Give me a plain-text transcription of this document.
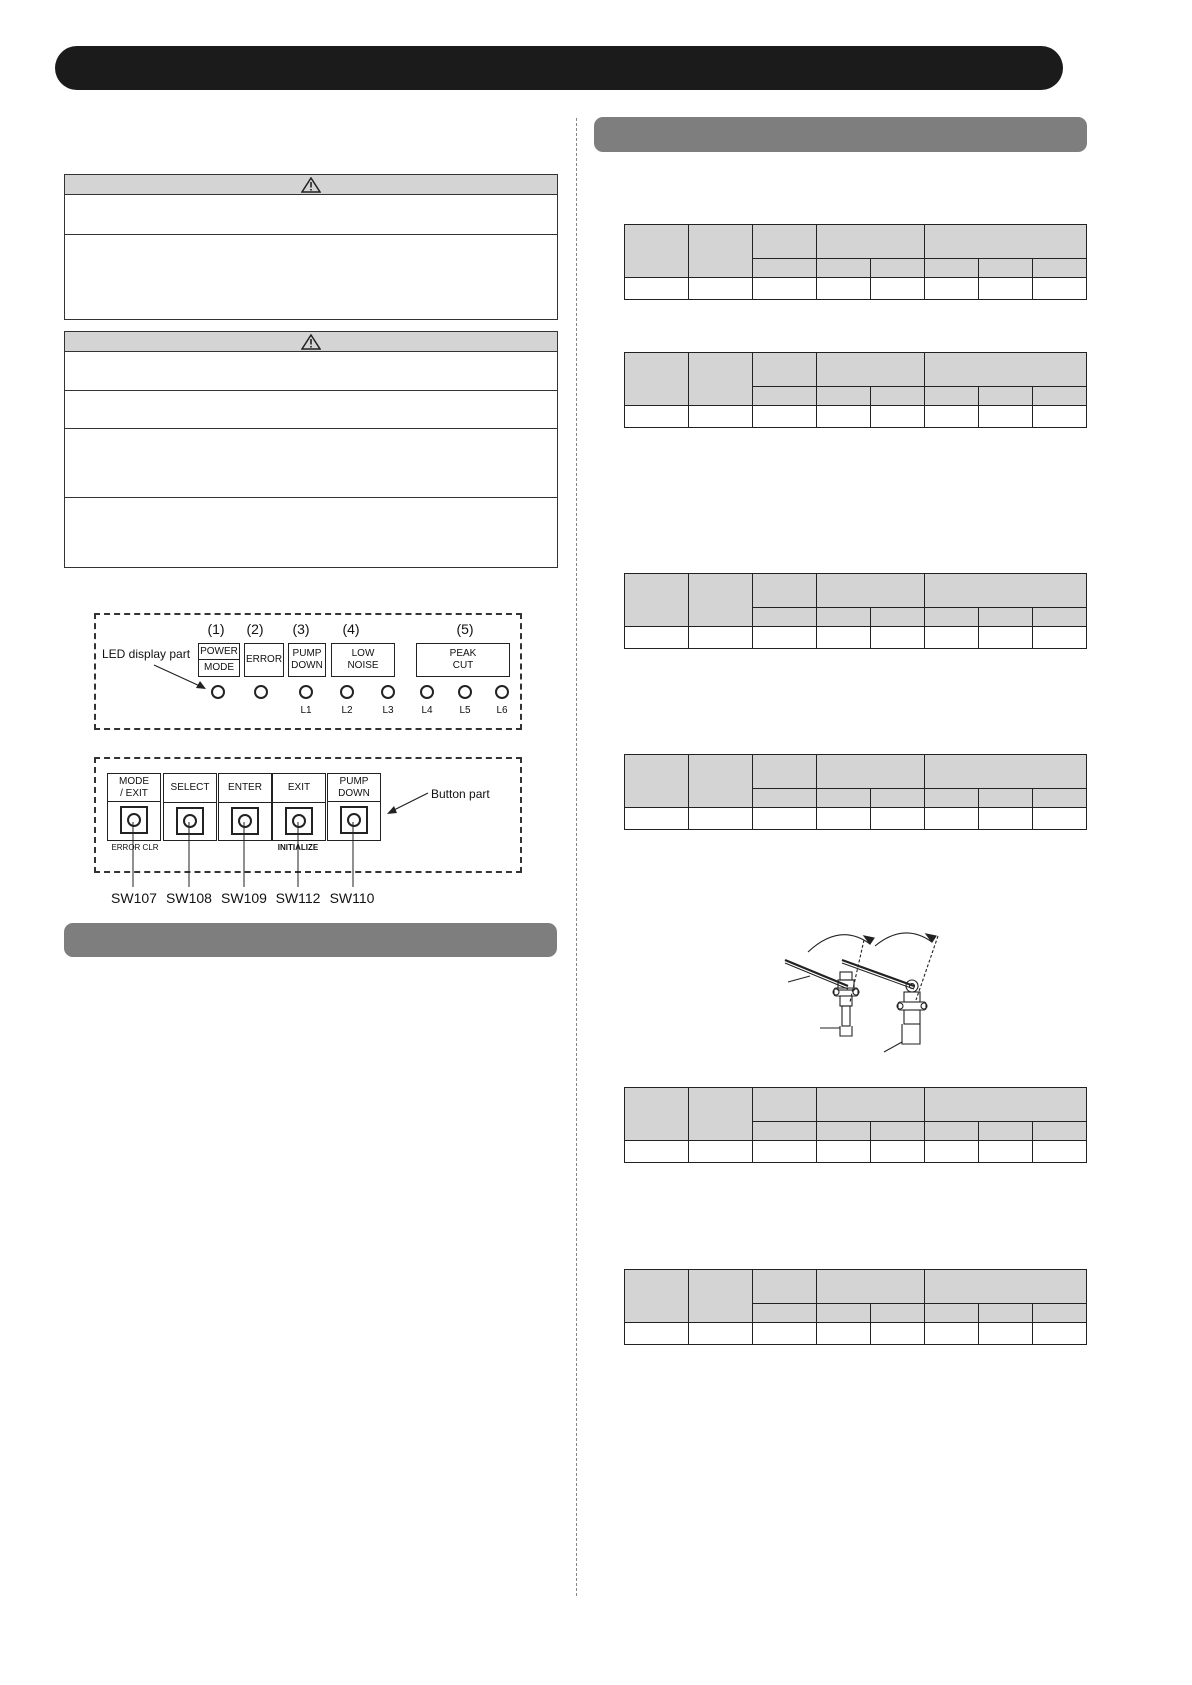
(1)	(2)	(3)	(4)	(5)
POWER
MODE
ERROR
PUMP
DOWN
LOW
NOISE
PEAK
CUT
LED display part
L1	L2	L3	L4	L5	L6
MODE
/ EXIT
SELECT	ENTER	EXIT
PUMP
DOWN
ERROR CLR	INITIALIZE
Button part
SW107 SW108 SW109 SW112 SW110
